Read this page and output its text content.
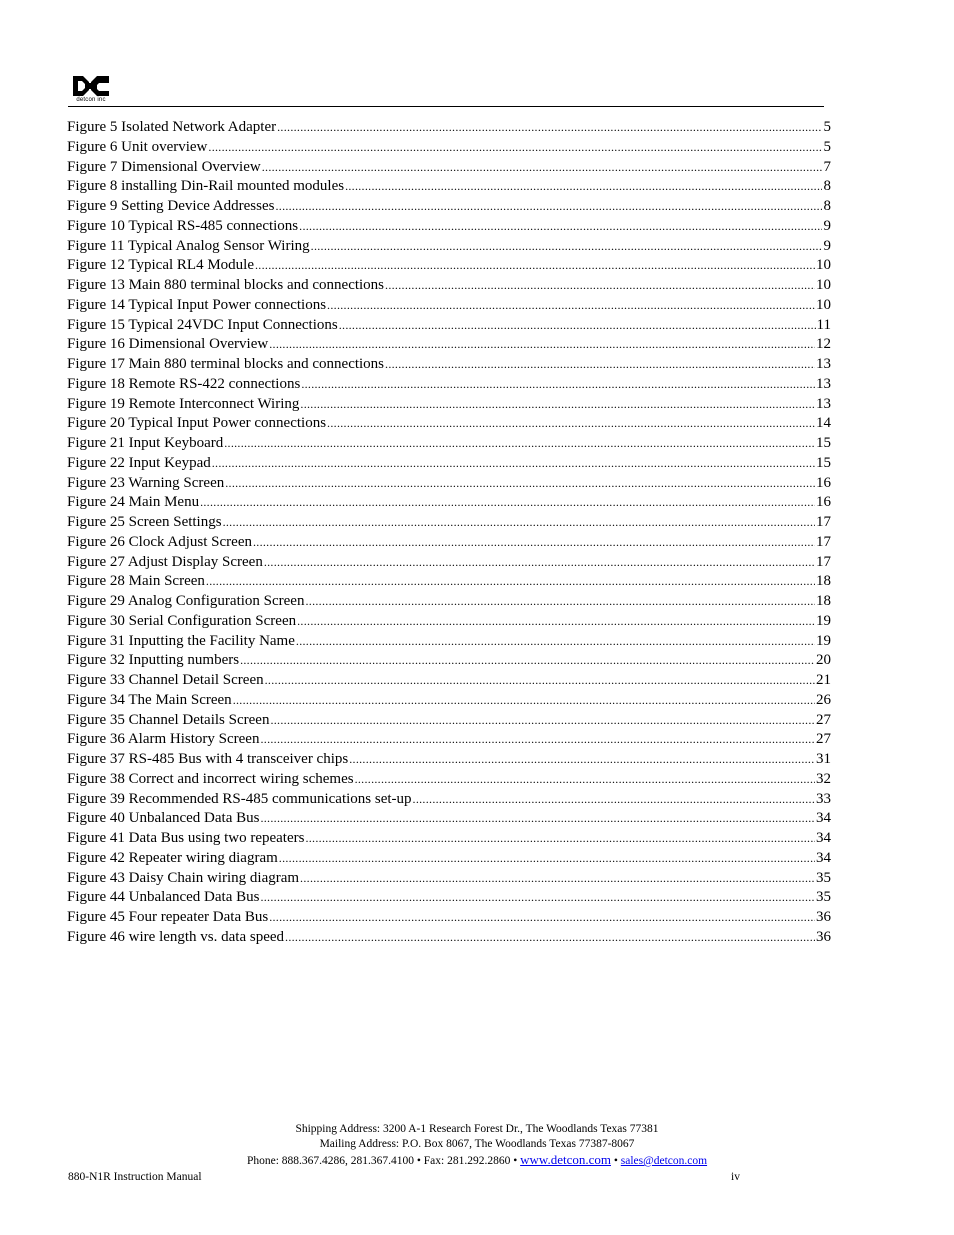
detcon inc
Figure 5 Isolated Network Adapter .....	5
Figure 6 Unit overview .....	5
Figure 7 Dimensional Overview .....	7
Figure 8 installing Din-Rail mounted modules .....	8
Figure 9 Setting Device Addresses .....	8
Figure 10 Typical RS-485 connections .....	9
Figure 11 Typical Analog Sensor Wiring .....	9
Figure 12 Typical RL4 Module .....	10
Figure 13 Main 880 terminal blocks and connections .....	10
Figure 14 Typical Input Power connections .....	10
Figure 15 Typical 24VDC Input Connections .....	11
Figure 16 Dimensional Overview .....	12
Figure 17 Main 880 terminal blocks and connections .....	13
Figure 18 Remote RS-422 connections .....	13
Figure 19 Remote Interconnect Wiring .....	13
Figure 20 Typical Input Power connections .....	14
Figure 21 Input Keyboard .....	15
Figure 22 Input Keypad .....	15
Figure 23 Warning Screen .....	16
Figure 24 Main Menu .....	16
Figure 25 Screen Settings .....	17
Figure 26 Clock Adjust Screen .....	17
Figure 27 Adjust Display Screen .....	17
Figure 28 Main Screen .....	18
Figure 29 Analog Configuration Screen .....	18
Figure 30 Serial Configuration Screen .....	19
Figure 31 Inputting the Facility Name .....	19
Figure 32 Inputting numbers .....	20
Figure 33 Channel Detail Screen .....	21
Figure 34 The Main Screen .....	26
Figure 35 Channel Details Screen .....	27
Figure 36 Alarm History Screen .....	27
Figure 37 RS-485 Bus with 4 transceiver chips .....	31
Figure 38 Correct and incorrect wiring schemes .....	32
Figure 39 Recommended RS-485 communications set-up .....	33
Figure 40 Unbalanced Data Bus .....	34
Figure 41 Data Bus using two repeaters .....	34
Figure 42 Repeater wiring diagram .....	34
Figure 43 Daisy Chain wiring diagram .....	35
Figure 44 Unbalanced Data Bus .....	35
Figure 45 Four repeater Data Bus .....	36
Figure 46 wire length vs. data speed .....	36
Shipping Address: 3200 A-1 Research Forest Dr., The Woodlands Texas 77381
Mailing Address: P.O. Box 8067, The Woodlands Texas 77387-8067
Phone: 888.367.4286, 281.367.4100 • Fax: 281.292.2860 • www.detcon.com • sales@detcon.com
880-N1R Instruction Manual	iv
